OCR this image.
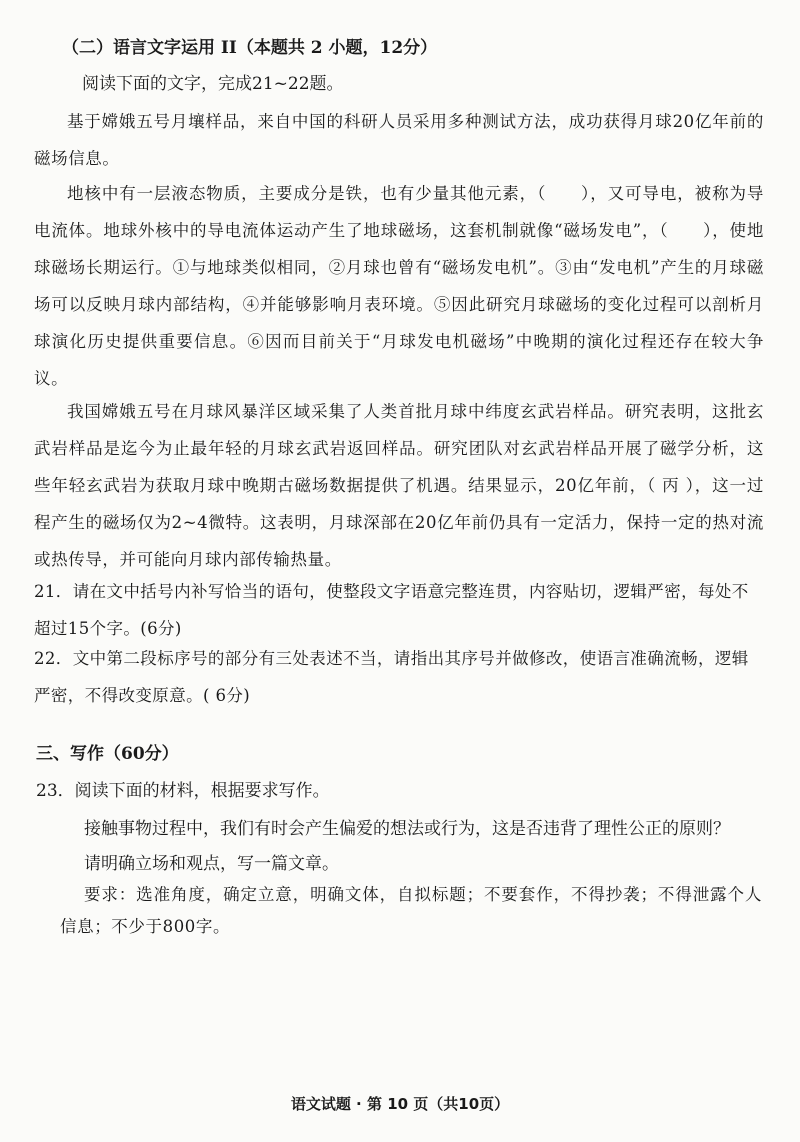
（二）语言文字运用 II（本题共 2 小题，12分）
阅读下面的文字，完成21~22题。
基于嫦娥五号月壤样品，来自中国的科研人员采用多种测试方法，成功获得月球20亿年前的磁场信息。
地核中有一层液态物质，主要成分是铁，也有少量其他元素，（　　），又可导电，被称为导电流体。地球外核中的导电流体运动产生了地球磁场，这套机制就像“磁场发电”，（　　），使地球磁场长期运行。①与地球类似相同，②月球也曾有“磁场发电机”。③由“发电机”产生的月球磁场可以反映月球内部结构，④并能够影响月表环境。⑤因此研究月球磁场的变化过程可以剖析月球演化历史提供重要信息。⑥因而目前关于“月球发电机磁场”中晚期的演化过程还存在较大争议。
我国嫦娥五号在月球风暴洋区域采集了人类首批月球中纬度玄武岩样品。研究表明，这批玄武岩样品是迄今为止最年轻的月球玄武岩返回样品。研究团队对玄武岩样品开展了磁学分析，这些年轻玄武岩为获取月球中晚期古磁场数据提供了机遇。结果显示，20亿年前，（ 丙 ），这一过程产生的磁场仅为2~4微特。这表明，月球深部在20亿年前仍具有一定活力，保持一定的热对流或热传导，并可能向月球内部传输热量。
21．请在文中括号内补写恰当的语句，使整段文字语意完整连贯，内容贴切，逻辑严密，每处不超过15个字。(6分)
22．文中第二段标序号的部分有三处表述不当，请指出其序号并做修改，使语言准确流畅，逻辑严密，不得改变原意。( 6分)
三、写作（60分）
23．阅读下面的材料，根据要求写作。
接触事物过程中，我们有时会产生偏爱的想法或行为，这是否违背了理性公正的原则？
请明确立场和观点，写一篇文章。
要求：选准角度，确定立意，明确文体，自拟标题；不要套作，不得抄袭；不得泄露个人信息；不少于800字。
语文试题 · 第 10 页（共10页）
